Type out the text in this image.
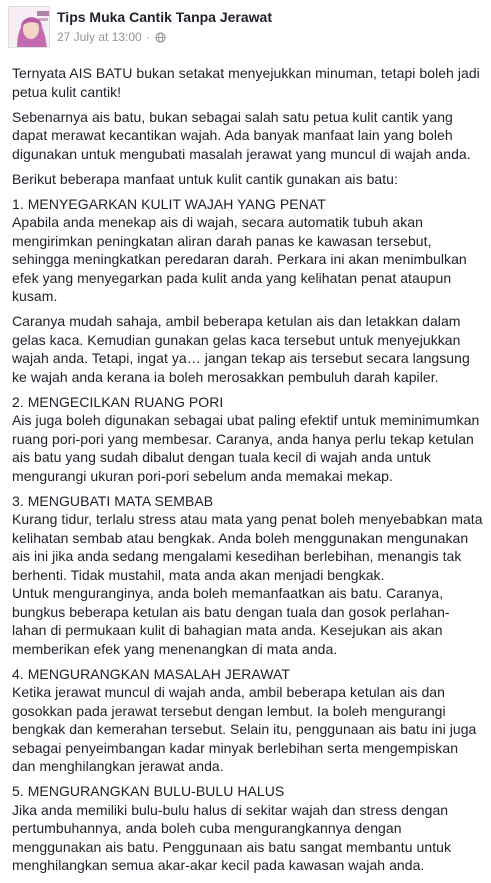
Tips Muka Cantik Tanpa Jerawat
27 July at 13:00 ·

Ternyata AIS BATU bukan setakat menyejukkan minuman, tetapi boleh jadi petua kulit cantik!

Sebenarnya ais batu, bukan sebagai salah satu petua kulit cantik yang dapat merawat kecantikan wajah. Ada banyak manfaat lain yang boleh digunakan untuk mengubati masalah jerawat yang muncul di wajah anda.

Berikut beberapa manfaat untuk kulit cantik gunakan ais batu:

1. MENYEGARKAN KULIT WAJAH YANG PENAT

Apabila anda menekap ais di wajah, secara automatik tubuh akan mengirimkan peningkatan aliran darah panas ke kawasan tersebut, sehingga meningkatkan peredaran darah. Perkara ini akan menimbulkan efek yang menyegarkan pada kulit anda yang kelihatan penat ataupun kusam.

Caranya mudah sahaja, ambil beberapa ketulan ais dan letakkan dalam gelas kaca. Kemudian gunakan gelas kaca tersebut untuk menyejukkan wajah anda. Tetapi, ingat ya… jangan tekap ais tersebut secara langsung ke wajah anda kerana ia boleh merosakkan pembuluh darah kapiler.

2. MENGECILKAN RUANG PORI

Ais juga boleh digunakan sebagai ubat paling efektif untuk meminimumkan ruang pori-pori yang membesar. Caranya, anda hanya perlu tekap ketulan ais batu yang sudah dibalut dengan tuala kecil di wajah anda untuk mengurangi ukuran pori-pori sebelum anda memakai mekap.

3. MENGUBATI MATA SEMBAB

Kurang tidur, terlalu stress atau mata yang penat boleh menyebabkan mata kelihatan sembab atau bengkak. Anda boleh menggunakan mengunakan ais ini jika anda sedang mengalami kesedihan berlebihan, menangis tak berhenti. Tidak mustahil, mata anda akan menjadi bengkak.

Untuk menguranginya, anda boleh memanfaatkan ais batu. Caranya, bungkus beberapa ketulan ais batu dengan tuala dan gosok perlahan-lahan di permukaan kulit di bahagian mata anda. Kesejukan ais akan memberikan efek yang menenangkan di mata anda.

4. MENGURANGKAN MASALAH JERAWAT

Ketika jerawat muncul di wajah anda, ambil beberapa ketulan ais dan gosokkan pada jerawat tersebut dengan lembut. Ia boleh mengurangi bengkak dan kemerahan tersebut. Selain itu, penggunaan ais batu ini juga sebagai penyeimbangan kadar minyak berlebihan serta mengempiskan dan menghilangkan jerawat anda.

5. MENGURANGKAN BULU-BULU HALUS

Jika anda memiliki bulu-bulu halus di sekitar wajah dan stress dengan pertumbuhannya, anda boleh cuba mengurangkannya dengan menggunakan ais batu. Penggunaan ais batu sangat membantu untuk menghilangkan semua akar-akar kecil pada kawasan wajah anda.
